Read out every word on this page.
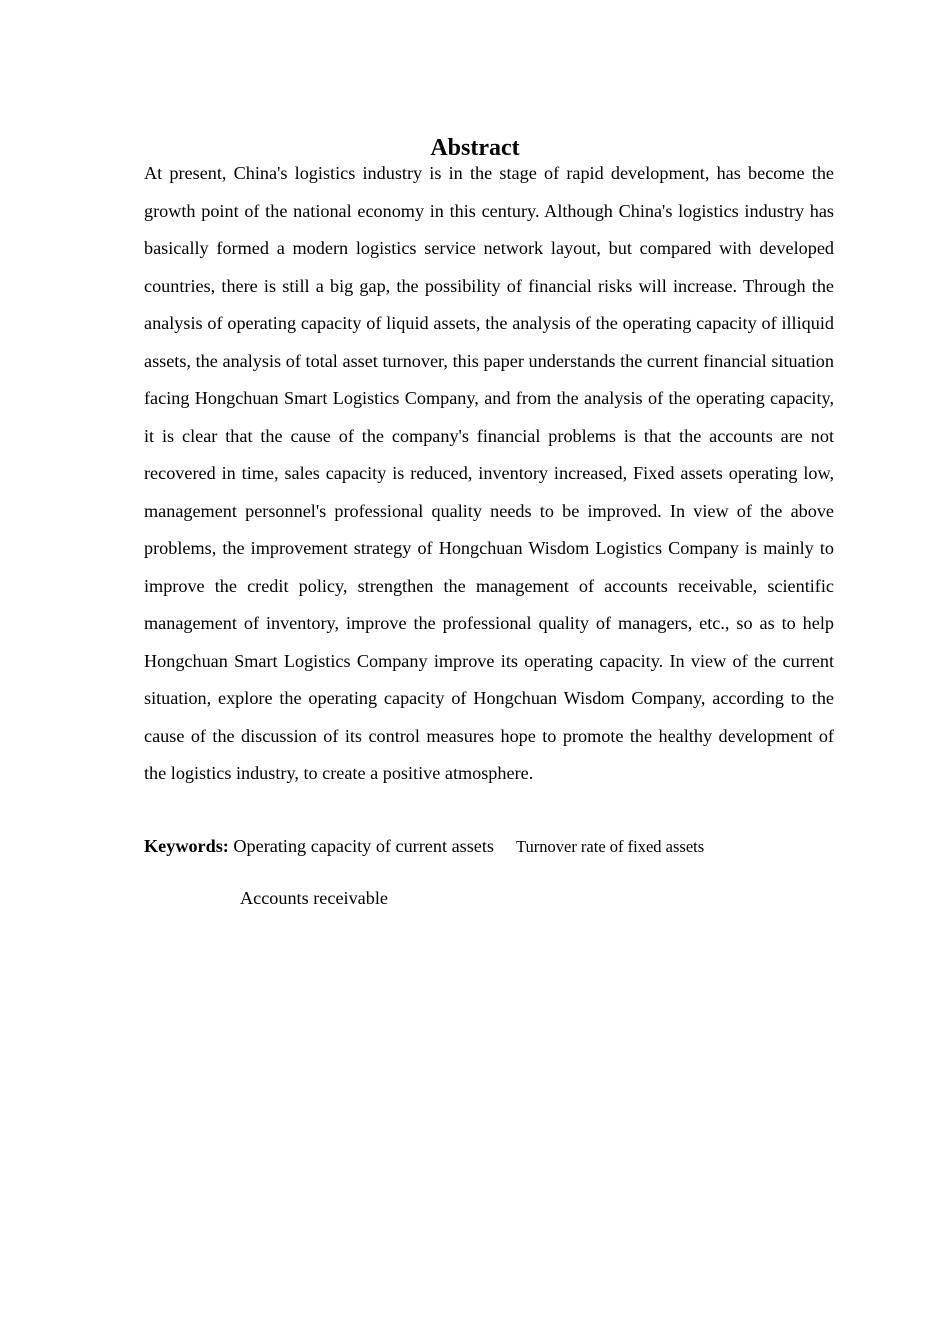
Abstract

At present, China's logistics industry is in the stage of rapid development, has become the growth point of the national economy in this century. Although China's logistics industry has basically formed a modern logistics service network layout, but compared with developed countries, there is still a big gap, the possibility of financial risks will increase. Through the analysis of operating capacity of liquid assets, the analysis of the operating capacity of illiquid assets, the analysis of total asset turnover, this paper understands the current financial situation facing Hongchuan Smart Logistics Company, and from the analysis of the operating capacity, it is clear that the cause of the company's financial problems is that the accounts are not recovered in time, sales capacity is reduced, inventory increased, Fixed assets operating low, management personnel's professional quality needs to be improved. In view of the above problems, the improvement strategy of Hongchuan Wisdom Logistics Company is mainly to improve the credit policy, strengthen the management of accounts receivable, scientific management of inventory, improve the professional quality of managers, etc., so as to help Hongchuan Smart Logistics Company improve its operating capacity. In view of the current situation, explore the operating capacity of Hongchuan Wisdom Company, according to the cause of the discussion of its control measures hope to promote the healthy development of the logistics industry, to create a positive atmosphere.

Keywords: Operating capacity of current assets Turnover rate of fixed assets

Accounts receivable
